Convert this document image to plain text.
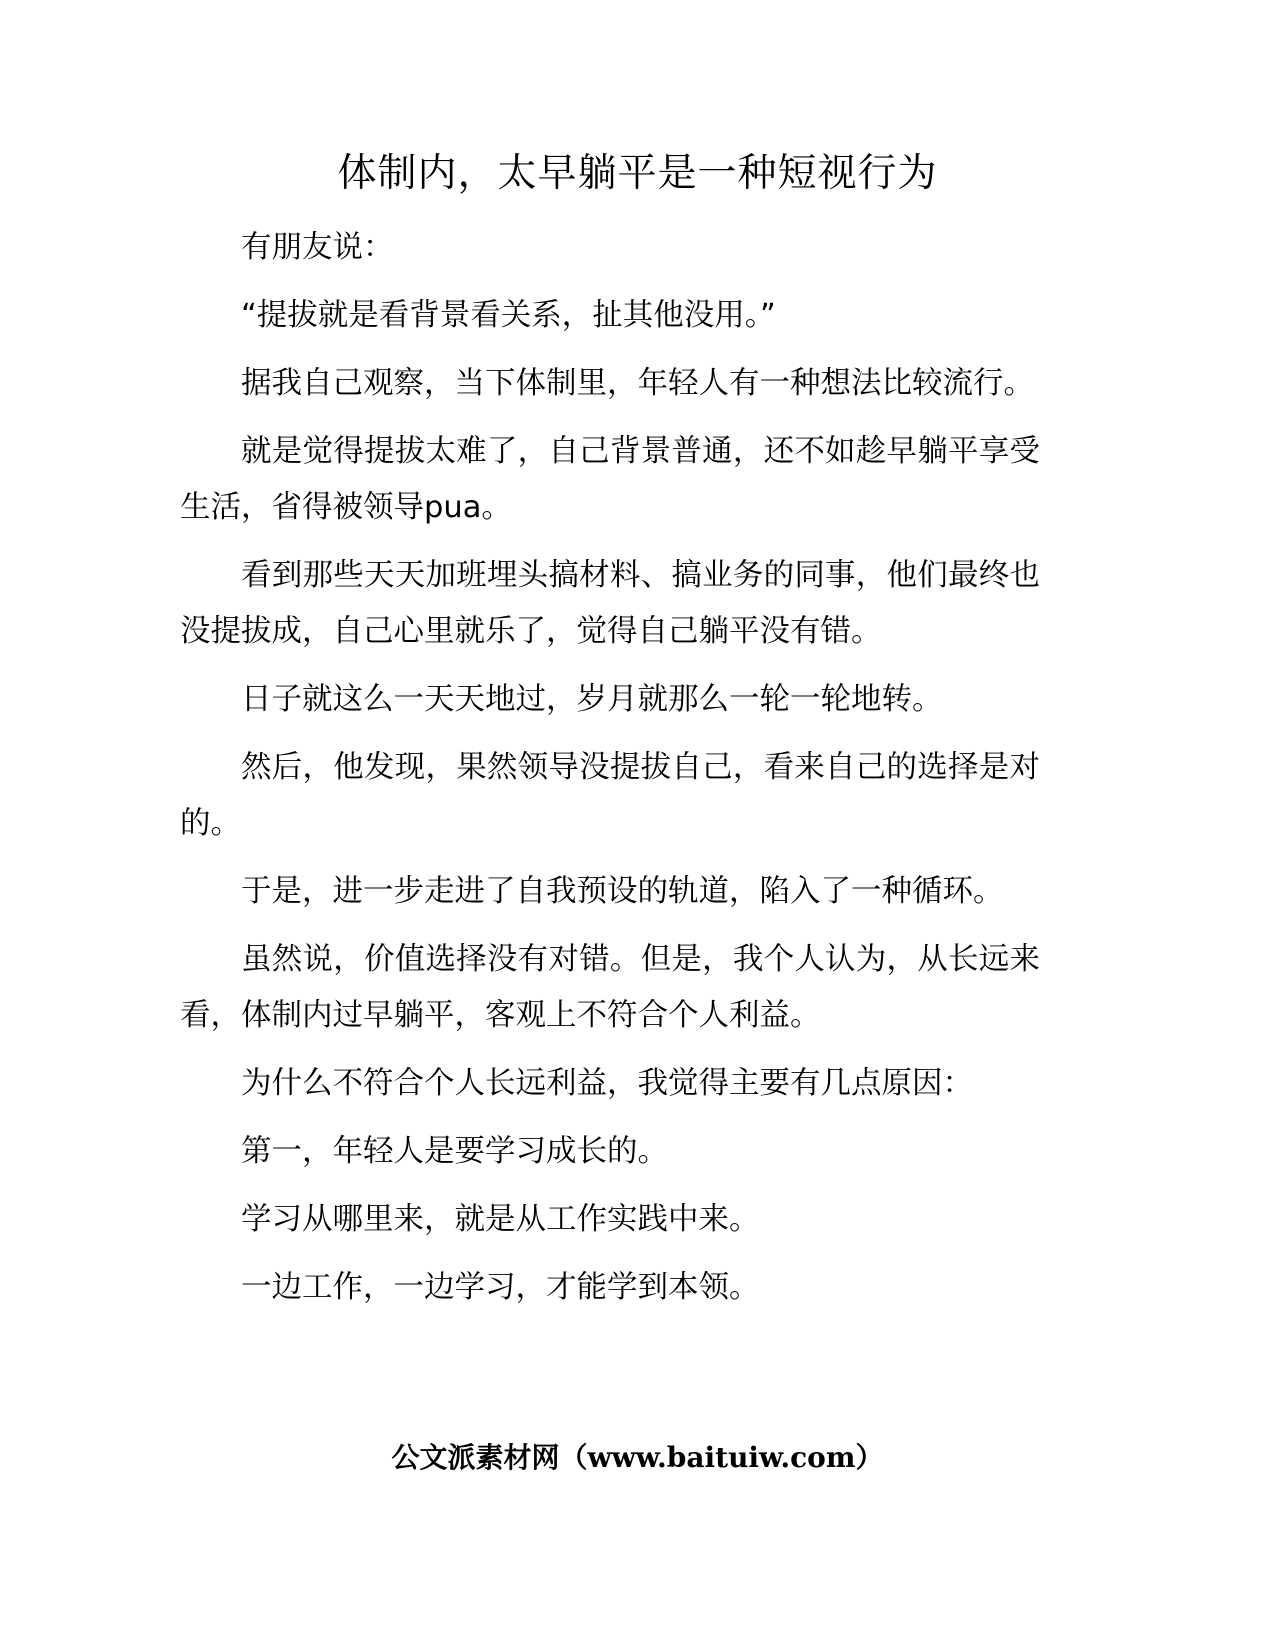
体制内，太早躺平是一种短视行为

有朋友说：

“提拔就是看背景看关系，扯其他没用。”

据我自己观察，当下体制里，年轻人有一种想法比较流行。

就是觉得提拔太难了，自己背景普通，还不如趁早躺平享受生活，省得被领导pua。

看到那些天天加班埋头搞材料、搞业务的同事，他们最终也没提拔成，自己心里就乐了，觉得自己躺平没有错。

日子就这么一天天地过，岁月就那么一轮一轮地转。

然后，他发现，果然领导没提拔自己，看来自己的选择是对的。

于是，进一步走进了自我预设的轨道，陷入了一种循环。

虽然说，价值选择没有对错。但是，我个人认为，从长远来看，体制内过早躺平，客观上不符合个人利益。

为什么不符合个人长远利益，我觉得主要有几点原因：

第一，年轻人是要学习成长的。

学习从哪里来，就是从工作实践中来。

一边工作，一边学习，才能学到本领。

公文派素材网（www.baituiw.com）
